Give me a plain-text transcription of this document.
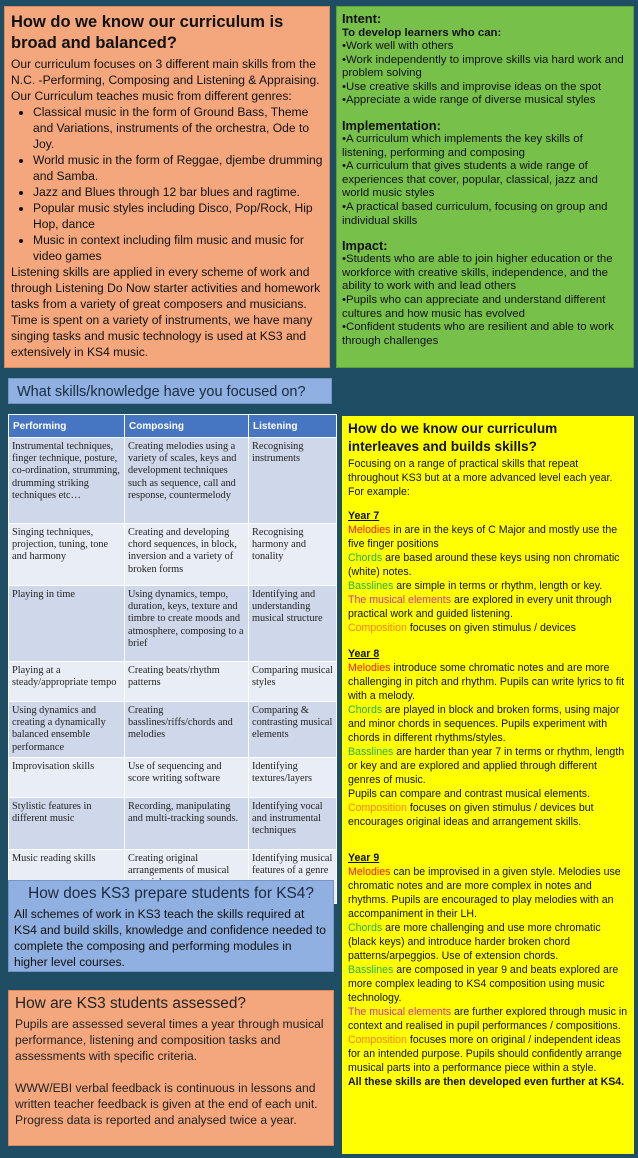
How do we know our curriculum is broad and balanced?

Our curriculum focuses on 3 different main skills from the N.C. -Performing, Composing and Listening & Appraising.

Our Curriculum teaches music from different genres:

• Classical music in the form of Ground Bass, Theme and Variations, instruments of the orchestra, Ode to Joy.
• World music in the form of Reggae, djembe drumming and Samba.
• Jazz and Blues through 12 bar blues and ragtime.
• Popular music styles including Disco, Pop/Rock, Hip Hop, dance
• Music in context including film music and music for video games

Listening skills are applied in every scheme of work and through Listening Do Now starter activities and homework tasks from a variety of great composers and musicians. Time is spent on a variety of instruments, we have many singing tasks and music technology is used at KS3 and extensively in KS4 music.

Intent:
To develop learners who can:
•Work well with others
•Work independently to improve skills via hard work and problem solving
•Use creative skills and improvise ideas on the spot
•Appreciate a wide range of diverse musical styles
Implementation:
•A curriculum which implements the key skills of listening, performing and composing
•A curriculum that gives students a wide range of experiences that cover, popular, classical, jazz and world music styles
•A practical based curriculum, focusing on group and individual skills
Impact:
•Students who are able to join higher education or the workforce with creative skills, independence, and the ability to work with and lead others
•Pupils who can appreciate and understand different cultures and how music has evolved
•Confident students who are resilient and able to work through challenges
What skills/knowledge have you focused on?
Performing	Composing	Listening
Instrumental techniques, finger technique, posture, co-ordination, strumming, drumming striking techniques etc…	Creating melodies using a variety of scales, keys and development techniques such as sequence, call and response, countermelody	Recognising instruments
Singing techniques, projection, tuning, tone and harmony	Creating and developing chord sequences, in block, inversion and a variety of broken forms	Recognising harmony and tonality
Playing in time	Using dynamics, tempo, duration, keys, texture and timbre to create moods and atmosphere, composing to a brief	Identifying and understanding musical structure
Playing at a steady/appropriate tempo	Creating beats/rhythm patterns	Comparing musical styles
Using dynamics and creating a dynamically balanced ensemble performance	Creating basslines/riffs/chords and melodies	Comparing & contrasting musical elements
Improvisation skills	Use of sequencing and score writing software	Identifying textures/layers
Stylistic features in different music	Recording, manipulating and multi-tracking sounds.	Identifying vocal and instrumental techniques
Music reading skills	Creating original arrangements of musical	Identifying musical features of a genre
How does KS3 prepare students for KS4?

All schemes of work in KS3 teach the skills required at KS4 and build skills, knowledge and confidence needed to complete the composing and performing modules in higher level courses.

How are KS3 students assessed?

Pupils are assessed several times a year through musical performance, listening and composition tasks and assessments with specific criteria.

WWW/EBI verbal feedback is continuous in lessons and written teacher feedback is given at the end of each unit. Progress data is reported and analysed twice a year.

How do we know our curriculum interleaves and builds skills?

Focusing on a range of practical skills that repeat throughout KS3 but at a more advanced level each year.

For example:

Year 7

Melodies in are in the keys of C Major and mostly use the five finger positions

Chords are based around these keys using non chromatic (white) notes.

Basslines are simple in terms or rhythm, length or key.

The musical elements are explored in every unit through practical work and guided listening.

Composition focuses on given stimulus / devices

Year 8

Melodies introduce some chromatic notes and are more challenging in pitch and rhythm. Pupils can write lyrics to fit with a melody.

Chords are played in block and broken forms, using major and minor chords in sequences. Pupils experiment with chords in different rhythms/styles.

Basslines are harder than year 7 in terms or rhythm, length or key and are explored and applied through different genres of music.

Pupils can compare and contrast musical elements.

Composition focuses on given stimulus / devices but encourages original ideas and arrangement skills.

Year 9

Melodies can be improvised in a given style. Melodies use chromatic notes and are more complex in notes and rhythms. Pupils are encouraged to play melodies with an accompaniment in their LH.

Chords are more challenging and use more chromatic (black keys) and introduce harder broken chord patterns/arpeggios. Use of extension chords.

Basslines are composed in year 9 and beats explored are more complex leading to KS4 composition using music technology.

The musical elements are further explored through music in context and realised in pupil performances / compositions.

Composition focuses more on original / independent ideas for an intended purpose. Pupils should confidently arrange musical parts into a performance piece within a style.

All these skills are then developed even further at KS4.
